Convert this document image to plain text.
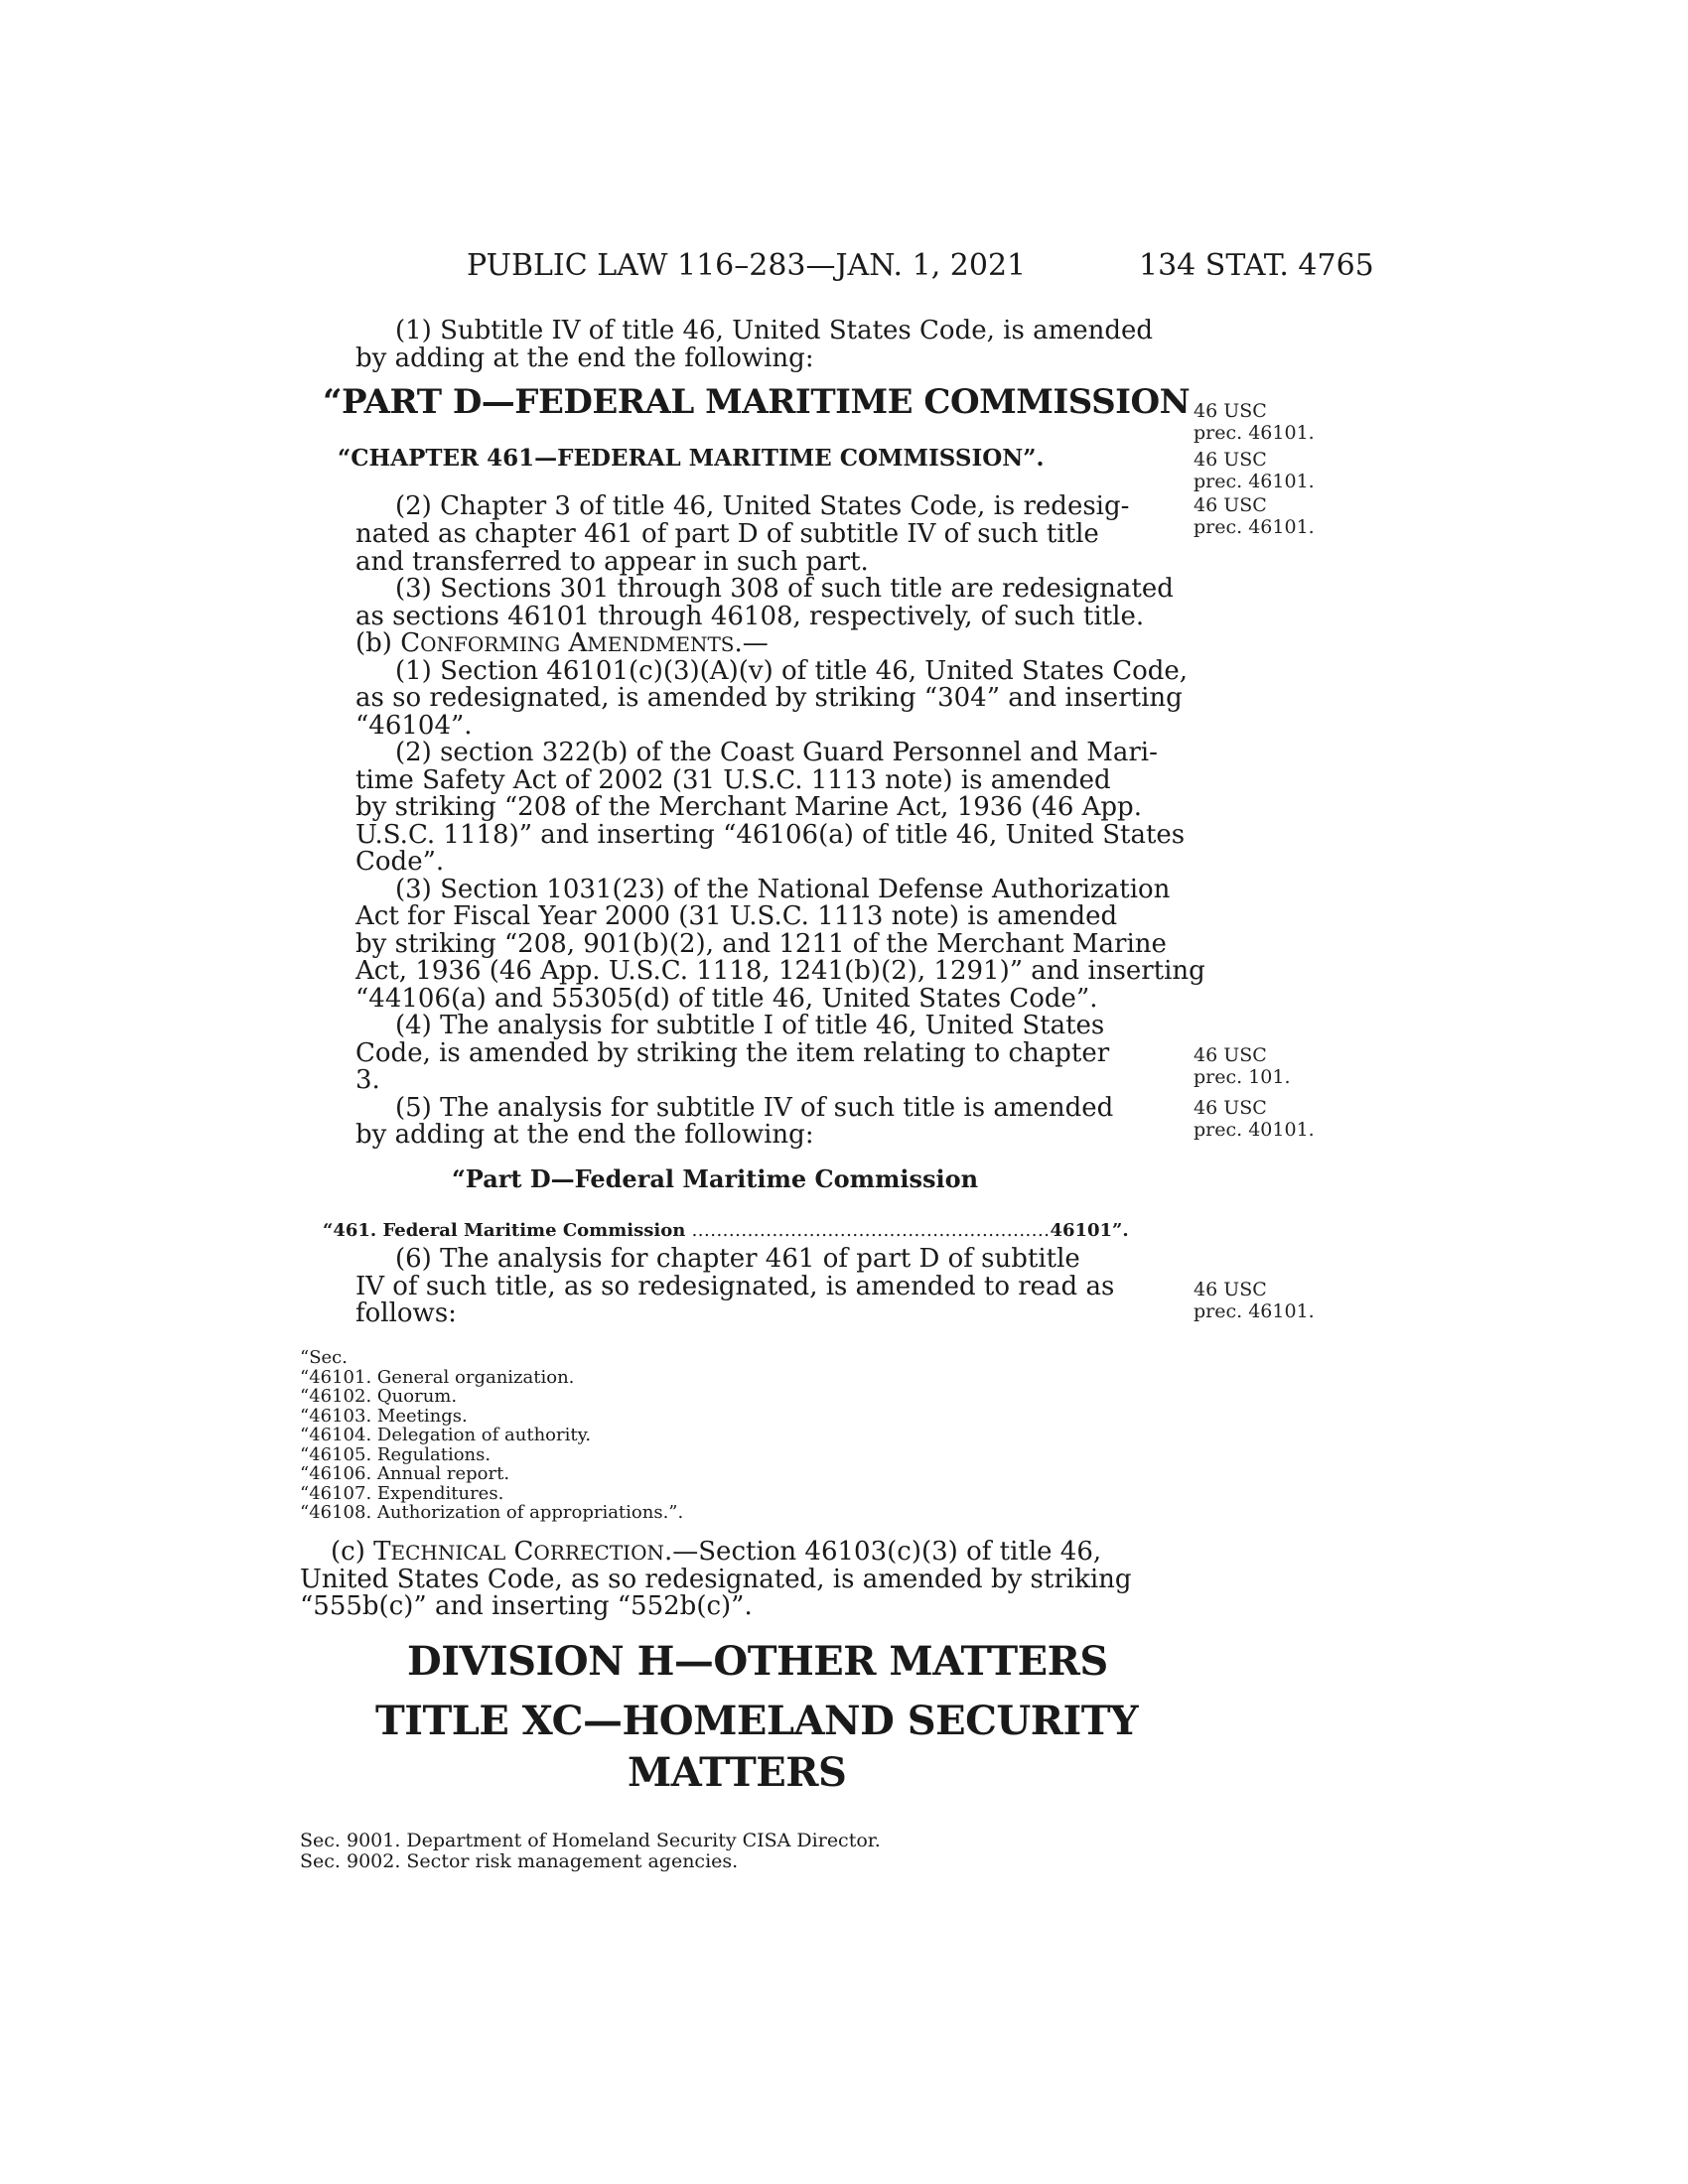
PUBLIC LAW 116–283—JAN. 1, 2021	134 STAT. 4765
(1) Subtitle IV of title 46, United States Code, is amended
by adding at the end the following:
“PART D—FEDERAL MARITIME COMMISSION
“CHAPTER 461—FEDERAL MARITIME COMMISSION”.
(2) Chapter 3 of title 46, United States Code, is redesig-
nated as chapter 461 of part D of subtitle IV of such title
and transferred to appear in such part.
(3) Sections 301 through 308 of such title are redesignated
as sections 46101 through 46108, respectively, of such title.
(b) CONFORMING AMENDMENTS.—
(1) Section 46101(c)(3)(A)(v) of title 46, United States Code,
as so redesignated, is amended by striking “304” and inserting
“46104”.
(2) section 322(b) of the Coast Guard Personnel and Mari-
time Safety Act of 2002 (31 U.S.C. 1113 note) is amended
by striking “208 of the Merchant Marine Act, 1936 (46 App.
U.S.C. 1118)” and inserting “46106(a) of title 46, United States
Code”.
(3) Section 1031(23) of the National Defense Authorization
Act for Fiscal Year 2000 (31 U.S.C. 1113 note) is amended
by striking “208, 901(b)(2), and 1211 of the Merchant Marine
Act, 1936 (46 App. U.S.C. 1118, 1241(b)(2), 1291)” and inserting
“44106(a) and 55305(d) of title 46, United States Code”.
(4) The analysis for subtitle I of title 46, United States
Code, is amended by striking the item relating to chapter
3.
(5) The analysis for subtitle IV of such title is amended
by adding at the end the following:
“Part D—Federal Maritime Commission
“461. Federal Maritime Commission ..........................................................46101”.
(6) The analysis for chapter 461 of part D of subtitle
IV of such title, as so redesignated, is amended to read as
follows:
“Sec.
“46101. General organization.
“46102. Quorum.
“46103. Meetings.
“46104. Delegation of authority.
“46105. Regulations.
“46106. Annual report.
“46107. Expenditures.
“46108. Authorization of appropriations.”.
(c) TECHNICAL CORRECTION.—Section 46103(c)(3) of title 46,
United States Code, as so redesignated, is amended by striking
“555b(c)” and inserting “552b(c)”.
DIVISION H—OTHER MATTERS
TITLE XC—HOMELAND SECURITY
MATTERS
Sec. 9001. Department of Homeland Security CISA Director.
Sec. 9002. Sector risk management agencies.
46 USC
prec. 46101.
46 USC
prec. 46101.
46 USC
prec. 46101.
46 USC
prec. 101.
46 USC
prec. 40101.
46 USC
prec. 46101.
